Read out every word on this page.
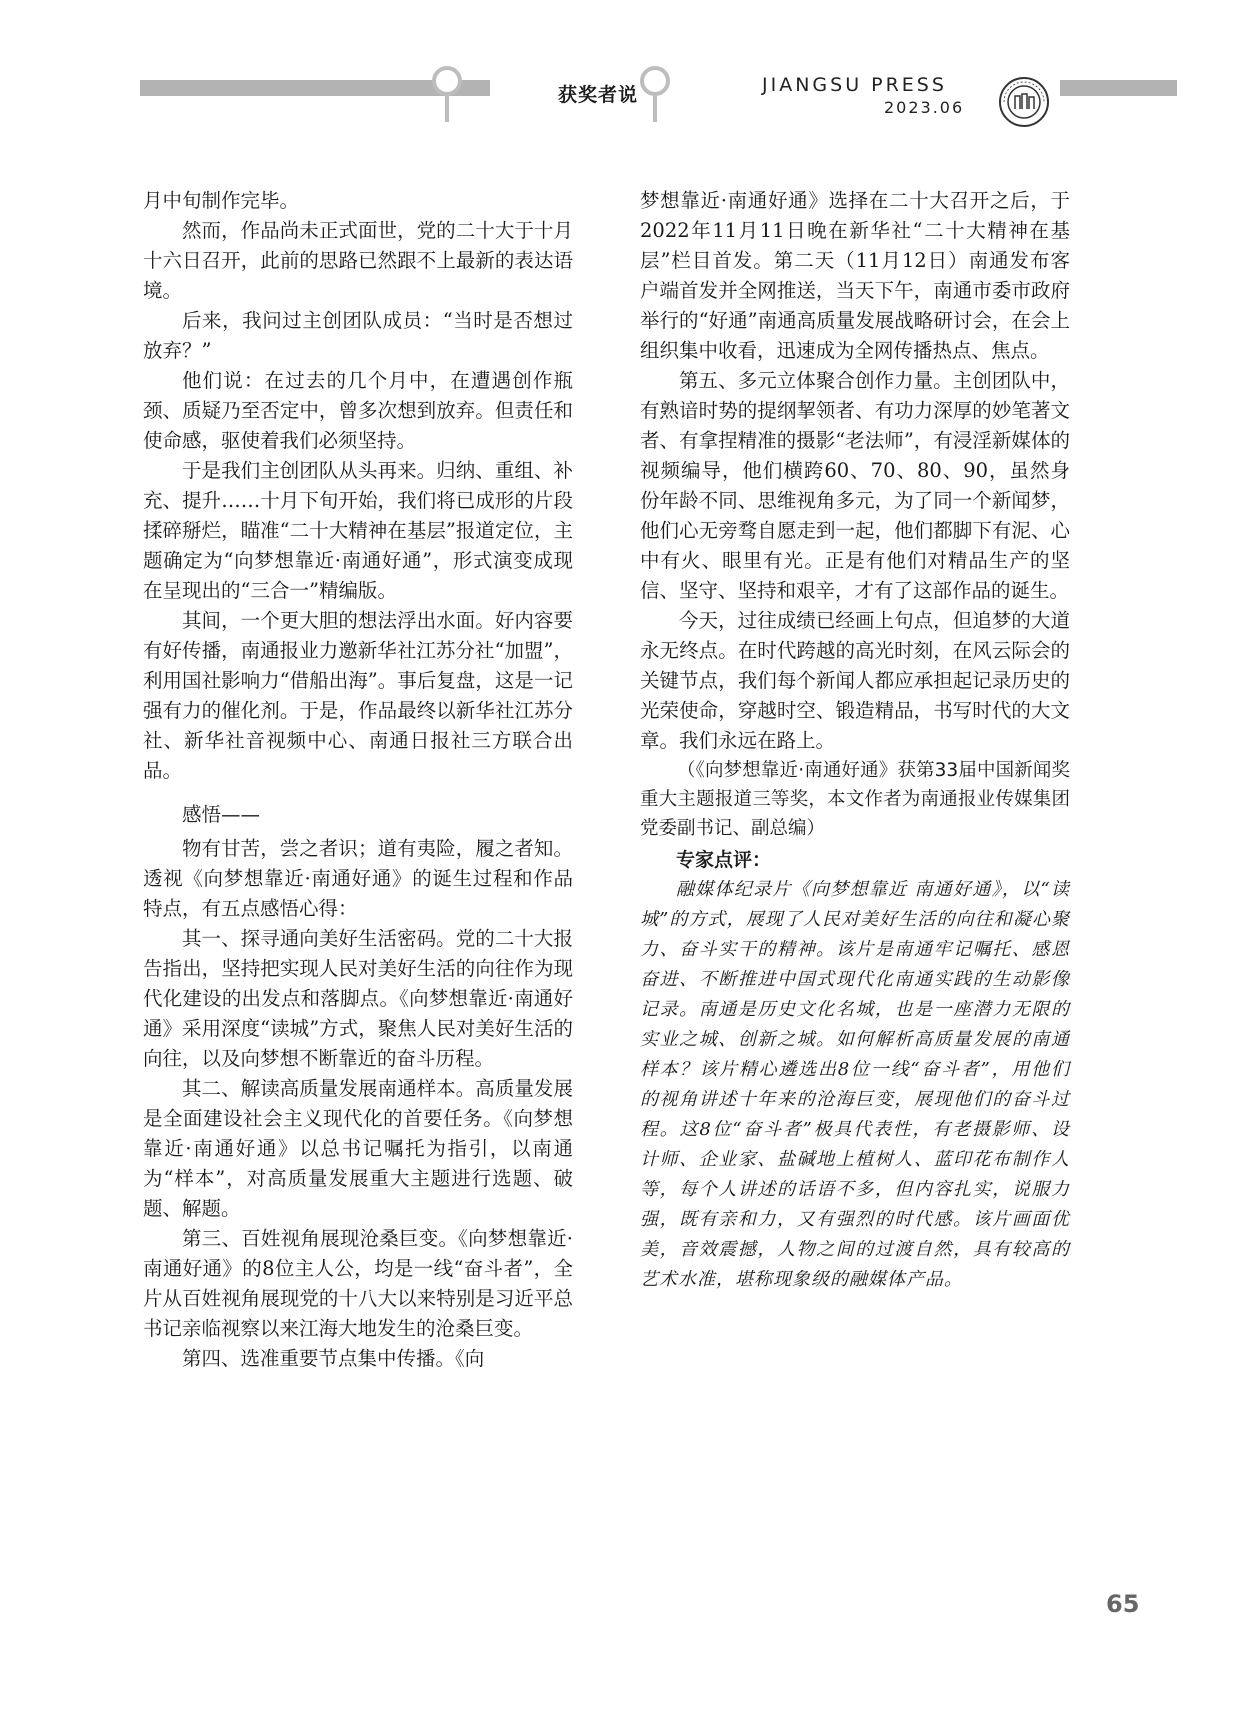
获奖者说	JIANGSU PRESS
2023.06

月中旬制作完毕。

然而，作品尚未正式面世，党的二十大于十月十六日召开，此前的思路已然跟不上最新的表达语境。

后来，我问过主创团队成员：“当时是否想过放弃？”

他们说：在过去的几个月中，在遭遇创作瓶颈、质疑乃至否定中，曾多次想到放弃。但责任和使命感，驱使着我们必须坚持。

于是我们主创团队从头再来。归纳、重组、补充、提升……十月下旬开始，我们将已成形的片段揉碎掰烂，瞄准“二十大精神在基层”报道定位，主题确定为“向梦想靠近·南通好通”，形式演变成现在呈现出的“三合一”精编版。

其间，一个更大胆的想法浮出水面。好内容要有好传播，南通报业力邀新华社江苏分社“加盟”，利用国社影响力“借船出海”。事后复盘，这是一记强有力的催化剂。于是，作品最终以新华社江苏分社、新华社音视频中心、南通日报社三方联合出品。

感悟——

物有甘苦，尝之者识；道有夷险，履之者知。透视《向梦想靠近·南通好通》的诞生过程和作品特点，有五点感悟心得：

其一、探寻通向美好生活密码。党的二十大报告指出，坚持把实现人民对美好生活的向往作为现代化建设的出发点和落脚点。《向梦想靠近·南通好通》采用深度“读城”方式，聚焦人民对美好生活的向往，以及向梦想不断靠近的奋斗历程。

其二、解读高质量发展南通样本。高质量发展是全面建设社会主义现代化的首要任务。《向梦想靠近·南通好通》以总书记嘱托为指引，以南通为“样本”，对高质量发展重大主题进行选题、破题、解题。

第三、百姓视角展现沧桑巨变。《向梦想靠近·南通好通》的8位主人公，均是一线“奋斗者”，全片从百姓视角展现党的十八大以来特别是习近平总书记亲临视察以来江海大地发生的沧桑巨变。

第四、选准重要节点集中传播。《向

梦想靠近·南通好通》选择在二十大召开之后，于2022年11月11日晚在新华社“二十大精神在基层”栏目首发。第二天（11月12日）南通发布客户端首发并全网推送，当天下午，南通市委市政府举行的“好通”南通高质量发展战略研讨会，在会上组织集中收看，迅速成为全网传播热点、焦点。

第五、多元立体聚合创作力量。主创团队中，有熟谙时势的提纲挈领者、有功力深厚的妙笔著文者、有拿捏精准的摄影“老法师”，有浸淫新媒体的视频编导，他们横跨60、70、80、90，虽然身份年龄不同、思维视角多元，为了同一个新闻梦，他们心无旁骛自愿走到一起，他们都脚下有泥、心中有火、眼里有光。正是有他们对精品生产的坚信、坚守、坚持和艰辛，才有了这部作品的诞生。

今天，过往成绩已经画上句点，但追梦的大道永无终点。在时代跨越的高光时刻，在风云际会的关键节点，我们每个新闻人都应承担起记录历史的光荣使命，穿越时空、锻造精品，书写时代的大文章。我们永远在路上。

（《向梦想靠近·南通好通》获第33届中国新闻奖重大主题报道三等奖，本文作者为南通报业传媒集团党委副书记、副总编）

专家点评：

融媒体纪录片《向梦想靠近 南通好通》，以“读城”的方式，展现了人民对美好生活的向往和凝心聚力、奋斗实干的精神。该片是南通牢记嘱托、感恩奋进、不断推进中国式现代化南通实践的生动影像记录。南通是历史文化名城，也是一座潜力无限的实业之城、创新之城。如何解析高质量发展的南通样本？该片精心遴选出8位一线“奋斗者”，用他们的视角讲述十年来的沧海巨变，展现他们的奋斗过程。这8位“奋斗者”极具代表性，有老摄影师、设计师、企业家、盐碱地上植树人、蓝印花布制作人等，每个人讲述的话语不多，但内容扎实，说服力强，既有亲和力，又有强烈的时代感。该片画面优美，音效震撼，人物之间的过渡自然，具有较高的艺术水准，堪称现象级的融媒体产品。

65
